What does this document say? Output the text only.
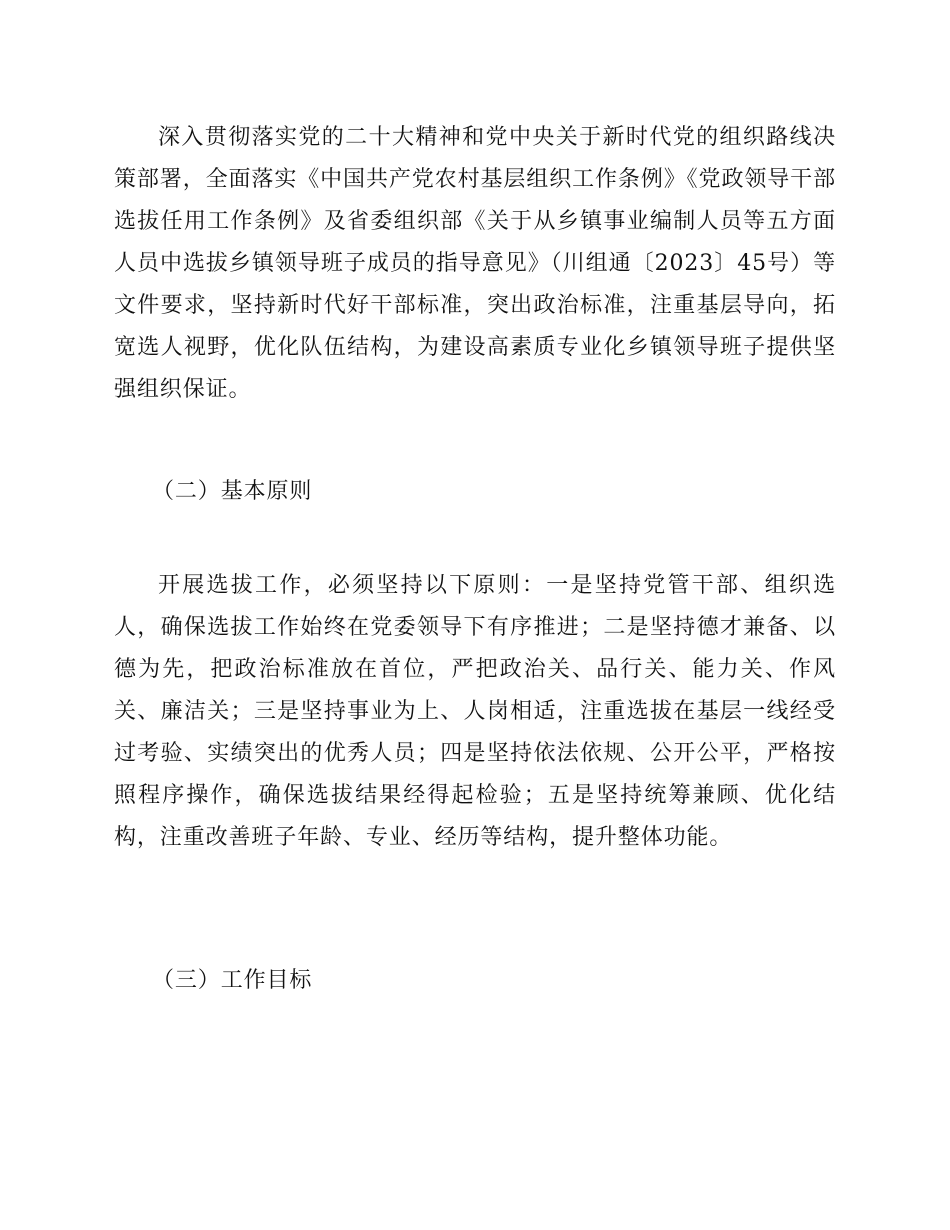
深入贯彻落实党的二十大精神和党中央关于新时代党的组织路线决策部署，全面落实《中国共产党农村基层组织工作条例》《党政领导干部选拔任用工作条例》及省委组织部《关于从乡镇事业编制人员等五方面人员中选拔乡镇领导班子成员的指导意见》（川组通〔2023〕45号）等文件要求，坚持新时代好干部标准，突出政治标准，注重基层导向，拓宽选人视野，优化队伍结构，为建设高素质专业化乡镇领导班子提供坚强组织保证。

（二）基本原则

开展选拔工作，必须坚持以下原则：一是坚持党管干部、组织选人，确保选拔工作始终在党委领导下有序推进；二是坚持德才兼备、以德为先，把政治标准放在首位，严把政治关、品行关、能力关、作风关、廉洁关；三是坚持事业为上、人岗相适，注重选拔在基层一线经受过考验、实绩突出的优秀人员；四是坚持依法依规、公开公平，严格按照程序操作，确保选拔结果经得起检验；五是坚持统筹兼顾、优化结构，注重改善班子年龄、专业、经历等结构，提升整体功能。

（三）工作目标
